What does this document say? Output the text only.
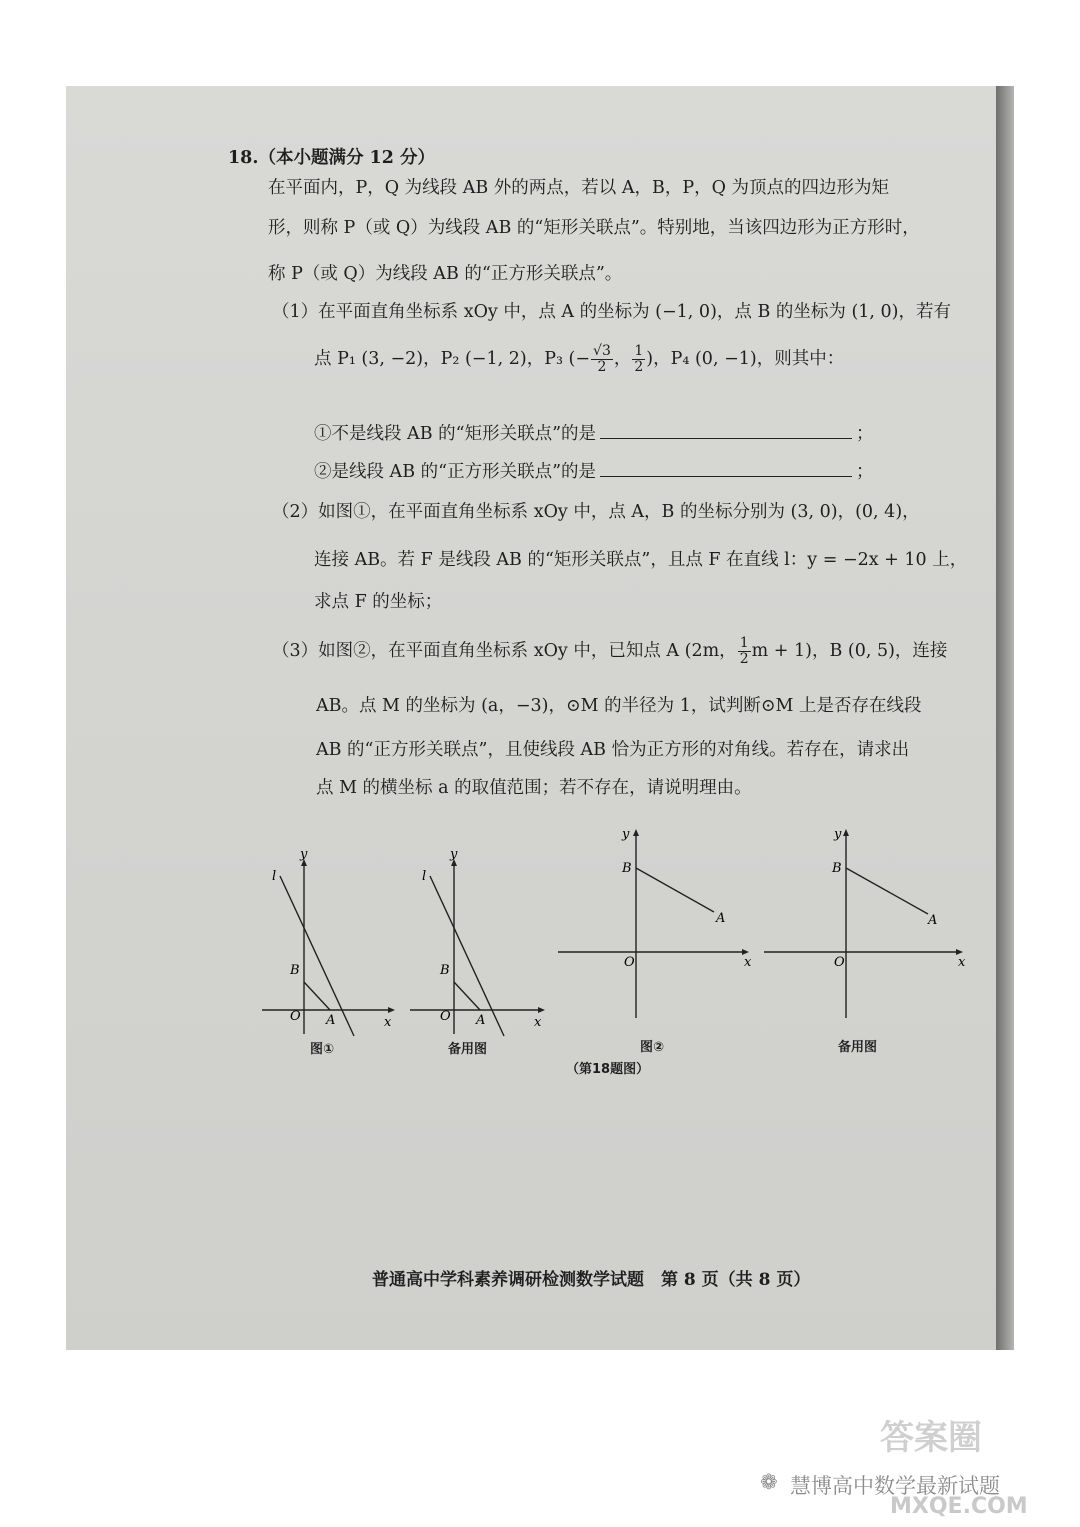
18.（本小题满分 12 分）
在平面内，P，Q 为线段 AB 外的两点，若以 A，B，P，Q 为顶点的四边形为矩
形，则称 P（或 Q）为线段 AB 的“矩形关联点”。特别地，当该四边形为正方形时，
称 P（或 Q）为线段 AB 的“正方形关联点”。
（1）在平面直角坐标系 xOy 中，点 A 的坐标为 (−1, 0)，点 B 的坐标为 (1, 0)，若有
点 P₁ (3, −2)，P₂ (−1, 2)，P₃ (− $\frac{√3}{2}$ ， $\frac{1}{2}$ )，P₄ (0, −1)，则其中：
①不是线段 AB 的“矩形关联点”的是	；
②是线段 AB 的“正方形关联点”的是	；
（2）如图①，在平面直角坐标系 xOy 中，点 A，B 的坐标分别为 (3, 0)，(0, 4)，
连接 AB。若 F 是线段 AB 的“矩形关联点”，且点 F 在直线 l：y = −2x + 10 上，
求点 F 的坐标；
（3）如图②，在平面直角坐标系 xOy 中，已知点 A (2m， $\frac{1}{2}$ m + 1)，B (0, 5)，连接
AB。点 M 的坐标为 (a，−3)，⊙M 的半径为 1，试判断⊙M 上是否存在线段
AB 的“正方形关联点”，且使线段 AB 恰为正方形的对角线。若存在，请求出
点 M 的横坐标 a 的取值范围；若不存在，请说明理由。
y
x
O A
B
l
图①
y
x
O A
B
l
备用图
y
x
O
A
B
图②
y
x
O
A
B
备用图
（第18题图）
普通高中学科素养调研检测数学试题　第 8 页（共 8 页）
❁ 慧博高中数学最新试题
答案圈
MXQE.COM
